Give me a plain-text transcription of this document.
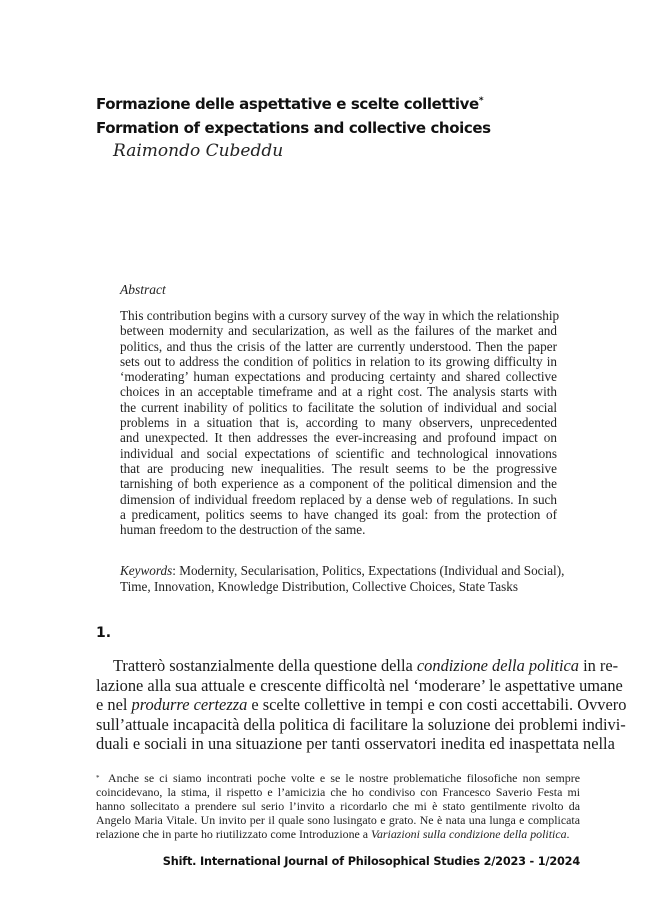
Formazione delle aspettative e scelte collettive*
Formation of expectations and collective choices
Raimondo Cubeddu
Abstract
This contribution begins with a cursory survey of the way in which the relationship
between modernity and secularization, as well as the failures of the market and
politics, and thus the crisis of the latter are currently understood. Then the paper
sets out to address the condition of politics in relation to its growing difficulty in
‘moderating’ human expectations and producing certainty and shared collective
choices in an acceptable timeframe and at a right cost. The analysis starts with
the current inability of politics to facilitate the solution of individual and social
problems in a situation that is, according to many observers, unprecedented
and unexpected. It then addresses the ever-increasing and profound impact on
individual and social expectations of scientific and technological innovations
that are producing new inequalities. The result seems to be the progressive
tarnishing of both experience as a component of the political dimension and the
dimension of individual freedom replaced by a dense web of regulations. In such
a predicament, politics seems to have changed its goal: from the protection of
human freedom to the destruction of the same.
Keywords: Modernity, Secularisation, Politics, Expectations (Individual and Social),
Time, Innovation, Knowledge Distribution, Collective Choices, State Tasks
1.
Tratterò sostanzialmente della questione della condizione della politica in re-
lazione alla sua attuale e crescente difficoltà nel ‘moderare’ le aspettative umane
e nel produrre certezza e scelte collettive in tempi e con costi accettabili. Ovvero
sull’attuale incapacità della politica di facilitare la soluzione dei problemi indivi-
duali e sociali in una situazione per tanti osservatori inedita ed inaspettata nella
* Anche se ci siamo incontrati poche volte e se le nostre problematiche filosofiche non sempre
coincidevano, la stima, il rispetto e l’amicizia che ho condiviso con Francesco Saverio Festa mi
hanno sollecitato a prendere sul serio l’invito a ricordarlo che mi è stato gentilmente rivolto da
Angelo Maria Vitale. Un invito per il quale sono lusingato e grato. Ne è nata una lunga e complicata
relazione che in parte ho riutilizzato come Introduzione a Variazioni sulla condizione della politica.
Shift. International Journal of Philosophical Studies 2/2023 - 1/2024
